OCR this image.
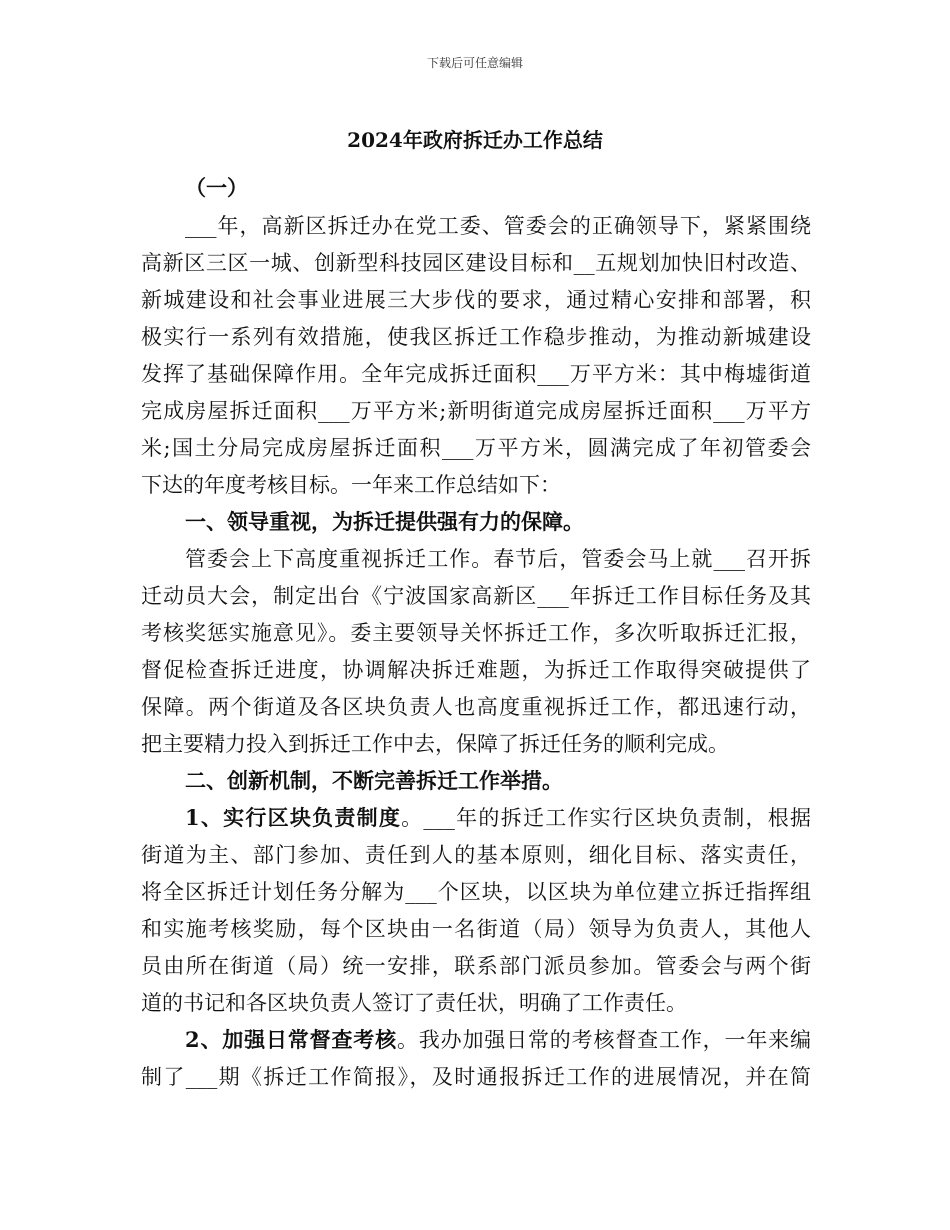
下载后可任意编辑
2024年政府拆迁办工作总结
（一）
___年，高新区拆迁办在党工委、管委会的正确领导下，紧紧围绕
高新区三区一城、创新型科技园区建设目标和__五规划加快旧村改造、
新城建设和社会事业进展三大步伐的要求，通过精心安排和部署，积
极实行一系列有效措施，使我区拆迁工作稳步推动，为推动新城建设
发挥了基础保障作用。全年完成拆迁面积___万平方米：其中梅墟街道
完成房屋拆迁面积___万平方米;新明街道完成房屋拆迁面积___万平方
米;国土分局完成房屋拆迁面积___万平方米，圆满完成了年初管委会
下达的年度考核目标。一年来工作总结如下：
一、领导重视，为拆迁提供强有力的保障。
管委会上下高度重视拆迁工作。春节后，管委会马上就___召开拆
迁动员大会，制定出台《宁波国家高新区___年拆迁工作目标任务及其
考核奖惩实施意见》。委主要领导关怀拆迁工作，多次听取拆迁汇报，
督促检查拆迁进度，协调解决拆迁难题，为拆迁工作取得突破提供了
保障。两个街道及各区块负责人也高度重视拆迁工作，都迅速行动，
把主要精力投入到拆迁工作中去，保障了拆迁任务的顺利完成。
二、创新机制，不断完善拆迁工作举措。
1、实行区块负责制度。___年的拆迁工作实行区块负责制，根据
街道为主、部门参加、责任到人的基本原则，细化目标、落实责任，
将全区拆迁计划任务分解为___个区块，以区块为单位建立拆迁指挥组
和实施考核奖励，每个区块由一名街道（局）领导为负责人，其他人
员由所在街道（局）统一安排，联系部门派员参加。管委会与两个街
道的书记和各区块负责人签订了责任状，明确了工作责任。
2、加强日常督查考核。我办加强日常的考核督查工作，一年来编
制了___期《拆迁工作简报》，及时通报拆迁工作的进展情况，并在简
